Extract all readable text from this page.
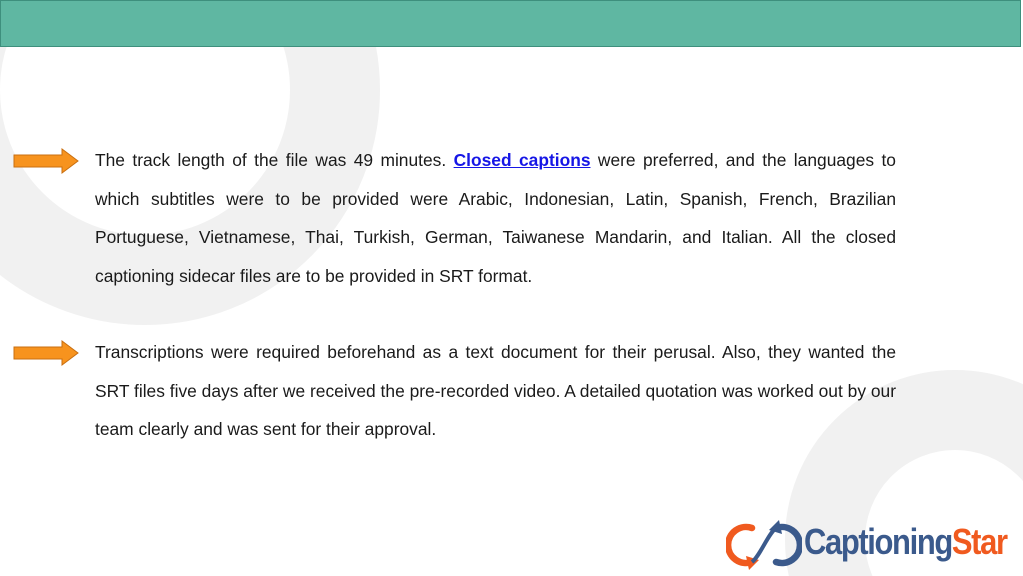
The track length of the file was 49 minutes. Closed captions were preferred, and the languages to which subtitles were to be provided were Arabic, Indonesian, Latin, Spanish, French, Brazilian Portuguese, Vietnamese, Thai, Turkish, German, Taiwanese Mandarin, and Italian. All the closed captioning sidecar files are to be provided in SRT format.

Transcriptions were required beforehand as a text document for their perusal. Also, they wanted the SRT files five days after we received the pre-recorded video. A detailed quotation was worked out by our team clearly and was sent for their approval.

CaptioningStar
